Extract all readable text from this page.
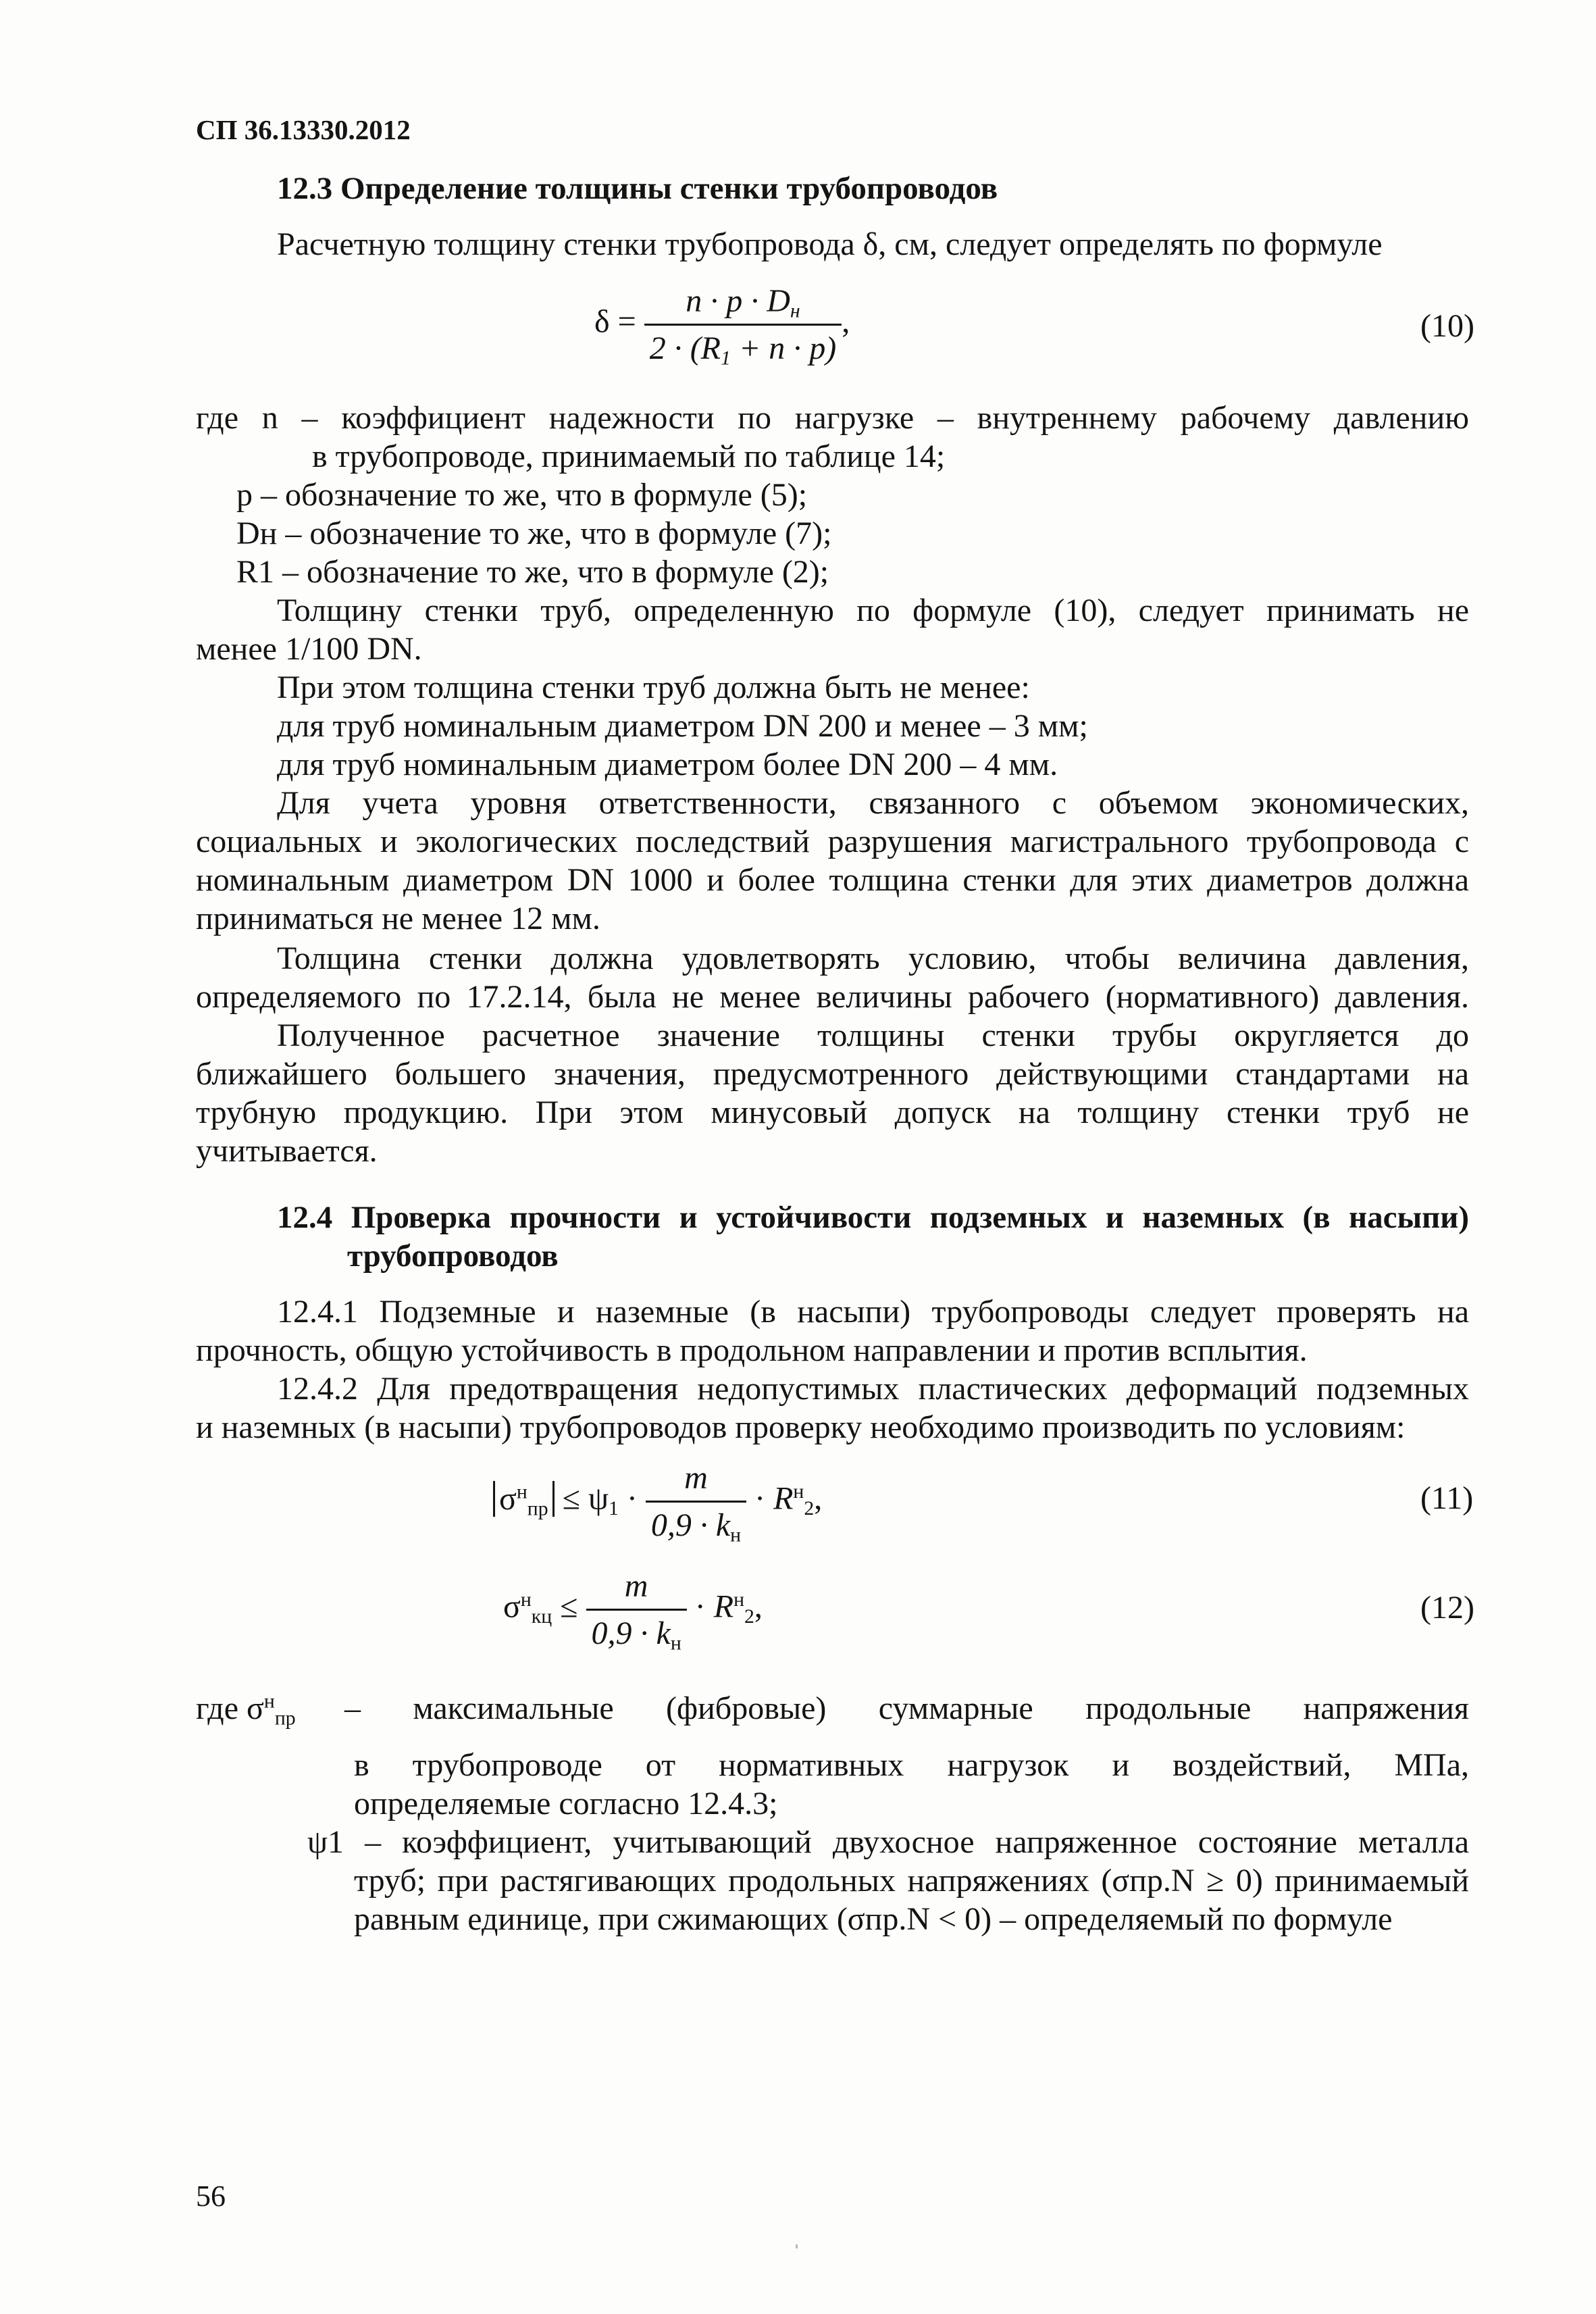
СП 36.13330.2012
12.3 Определение толщины стенки трубопроводов
Расчетную толщину стенки трубопровода δ, см, следует определять по формуле
$\delta = \frac{n \cdot p \cdot D_н}{2 \cdot (R_1 + n \cdot p)}$ ,	(10)
где n – коэффициент надежности по нагрузке – внутреннему рабочему давлению
в трубопроводе, принимаемый по таблице 14;
p – обозначение то же, что в формуле (5);
Dн – обозначение то же, что в формуле (7);
R1 – обозначение то же, что в формуле (2);
Толщину стенки труб, определенную по формуле (10), следует принимать не
менее 1/100 DN.
При этом толщина стенки труб должна быть не менее:
для труб номинальным диаметром DN 200 и менее – 3 мм;
для труб номинальным диаметром более DN 200 – 4 мм.
Для учета уровня ответственности, связанного с объемом экономических,
социальных и экологических последствий разрушения магистрального трубопровода с
номинальным диаметром DN 1000 и более толщина стенки для этих диаметров должна
приниматься не менее 12 мм.
Толщина стенки должна удовлетворять условию, чтобы величина давления,
определяемого по 17.2.14, была не менее величины рабочего (нормативного) давления.
Полученное расчетное значение толщины стенки трубы округляется до
ближайшего большего значения, предусмотренного действующими стандартами на
трубную продукцию. При этом минусовый допуск на толщину стенки труб не
учитывается.
12.4 Проверка прочности и устойчивости подземных и наземных (в насыпи)
трубопроводов
12.4.1 Подземные и наземные (в насыпи) трубопроводы следует проверять на
прочность, общую устойчивость в продольном направлении и против всплытия.
12.4.2 Для предотвращения недопустимых пластических деформаций подземных
и наземных (в насыпи) трубопроводов проверку необходимо производить по условиям:
$\sigma^н_{пр} \le \psi_1 \cdot \frac{m}{0,9 \cdot k_н} \cdot R^н_2$,	(11)
$\sigma^н_{кц} \le \frac{m}{0,9 \cdot k_н} \cdot R^н_2$,	(12)
где $\sigma^н_{пр}$ – максимальные (фибровые) суммарные продольные напряжения
в трубопроводе от нормативных нагрузок и воздействий, МПа,
определяемые согласно 12.4.3;
ψ1 – коэффициент, учитывающий двухосное напряженное состояние металла
труб; при растягивающих продольных напряжениях (σпр.N ≥ 0) принимаемый
равным единице, при сжимающих (σпр.N < 0) – определяемый по формуле
56
